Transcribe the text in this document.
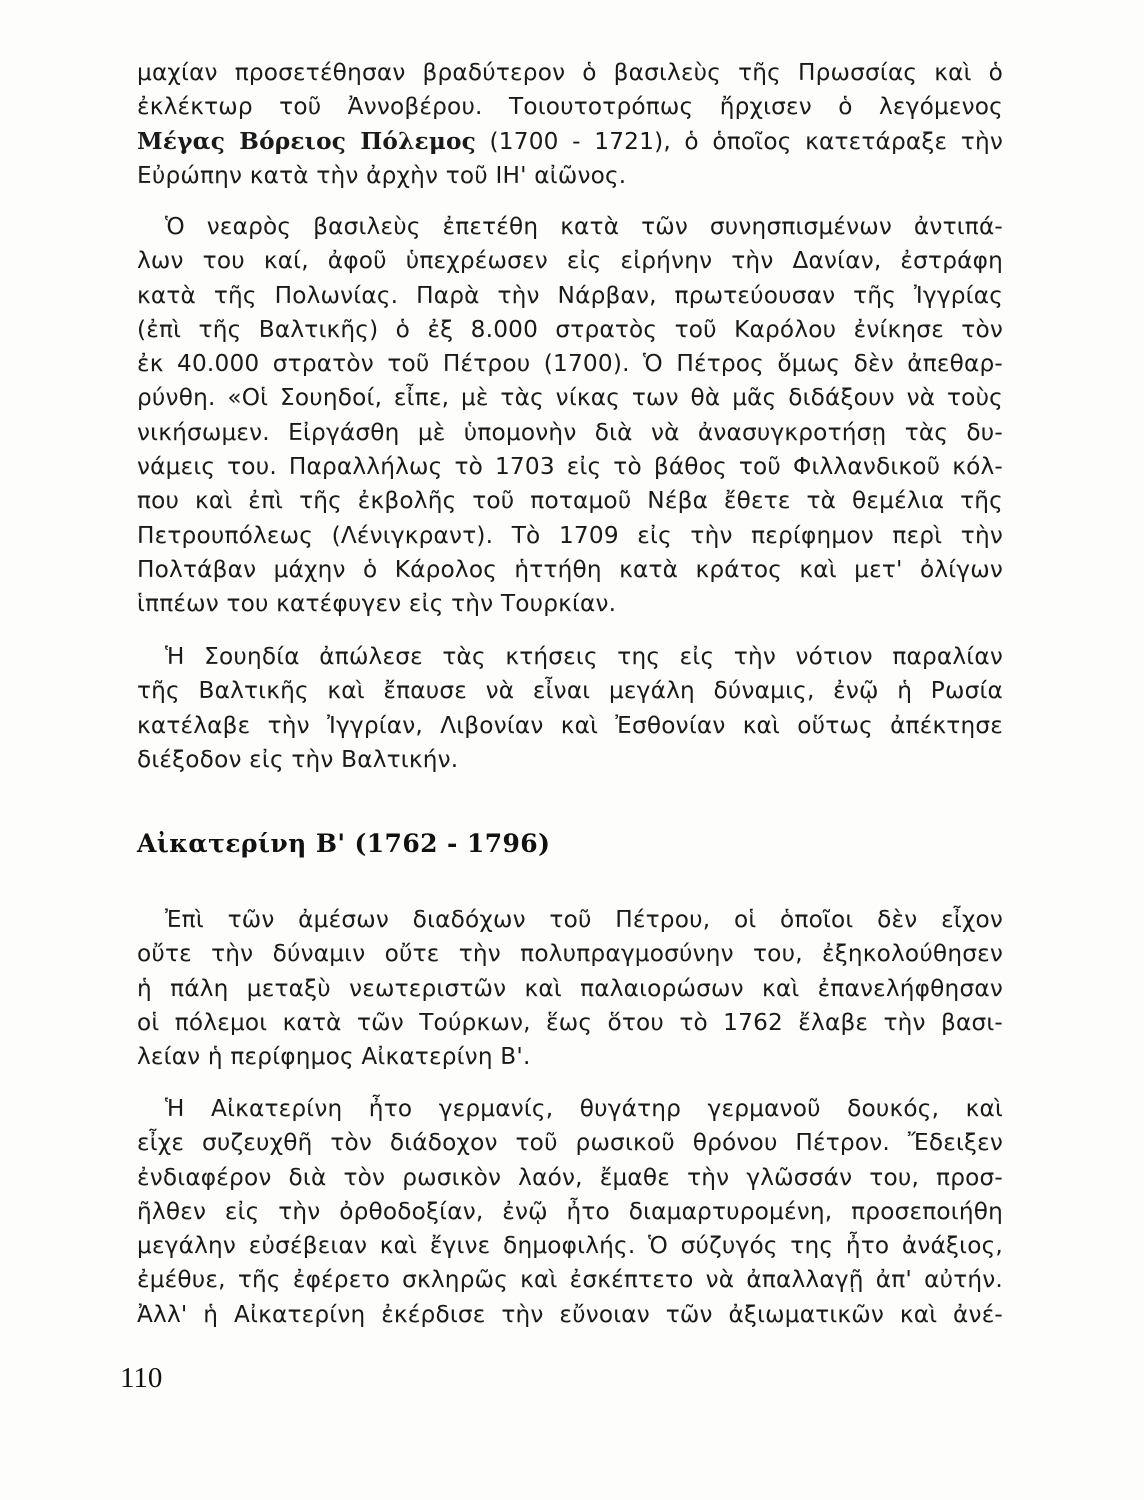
μαχίαν προσετέθησαν βραδύτερον ὁ βασιλεὺς τῆς Πρωσσίας καὶ ὁ

ἐκλέκτωρ τοῦ Ἀννοβέρου. Τοιουτοτρόπως ἤρχισεν ὁ λεγόμενος

Μέγας Βόρειος Πόλεμος (1700 - 1721), ὁ ὁποῖος κατετάραξε τὴν

Εὐρώπην κατὰ τὴν ἀρχὴν τοῦ ΙΗ' αἰῶνος.

Ὁ νεαρὸς βασιλεὺς ἐπετέθη κατὰ τῶν συνησπισμένων ἀντιπά-

λων του καί, ἀφοῦ ὑπεχρέωσεν εἰς εἰρήνην τὴν Δανίαν, ἐστράφη

κατὰ τῆς Πολωνίας. Παρὰ τὴν Νάρβαν, πρωτεύουσαν τῆς Ἰγγρίας

(ἐπὶ τῆς Βαλτικῆς) ὁ ἐξ 8.000 στρατὸς τοῦ Καρόλου ἐνίκησε τὸν

ἐκ 40.000 στρατὸν τοῦ Πέτρου (1700). Ὁ Πέτρος ὅμως δὲν ἀπεθαρ-

ρύνθη. «Οἱ Σουηδοί, εἶπε, μὲ τὰς νίκας των θὰ μᾶς διδάξουν νὰ τοὺς

νικήσωμεν. Εἰργάσθη μὲ ὑπομονὴν διὰ νὰ ἀνασυγκροτήσῃ τὰς δυ-

νάμεις του. Παραλλήλως τὸ 1703 εἰς τὸ βάθος τοῦ Φιλλανδικοῦ κόλ-

που καὶ ἐπὶ τῆς ἐκβολῆς τοῦ ποταμοῦ Νέβα ἔθετε τὰ θεμέλια τῆς

Πετρουπόλεως (Λένιγκραντ). Τὸ 1709 εἰς τὴν περίφημον περὶ τὴν

Πολτάβαν μάχην ὁ Κάρολος ἡττήθη κατὰ κράτος καὶ μετ' ὀλίγων

ἱππέων του κατέφυγεν εἰς τὴν Τουρκίαν.

Ἡ Σουηδία ἀπώλεσε τὰς κτήσεις της εἰς τὴν νότιον παραλίαν

τῆς Βαλτικῆς καὶ ἔπαυσε νὰ εἶναι μεγάλη δύναμις, ἐνῷ ἡ Ρωσία

κατέλαβε τὴν Ἰγγρίαν, Λιβονίαν καὶ Ἐσθονίαν καὶ οὕτως ἀπέκτησε

διέξοδον εἰς τὴν Βαλτικήν.

Αἰκατερίνη Β' (1762 - 1796)

Ἐπὶ τῶν ἀμέσων διαδόχων τοῦ Πέτρου, οἱ ὁποῖοι δὲν εἶχον

οὔτε τὴν δύναμιν οὔτε τὴν πολυπραγμοσύνην του, ἐξηκολούθησεν

ἡ πάλη μεταξὺ νεωτεριστῶν καὶ παλαιορώσων καὶ ἐπανελήφθησαν

οἱ πόλεμοι κατὰ τῶν Τούρκων, ἕως ὅτου τὸ 1762 ἔλαβε τὴν βασι-

λείαν ἡ περίφημος Αἰκατερίνη Β'.

Ἡ Αἰκατερίνη ἦτο γερμανίς, θυγάτηρ γερμανοῦ δουκός, καὶ

εἶχε συζευχθῆ τὸν διάδοχον τοῦ ρωσικοῦ θρόνου Πέτρον. Ἔδειξεν

ἐνδιαφέρον διὰ τὸν ρωσικὸν λαόν, ἔμαθε τὴν γλῶσσάν του, προσ-

ῆλθεν εἰς τὴν ὀρθοδοξίαν, ἐνῷ ἦτο διαμαρτυρομένη, προσεποιήθη

μεγάλην εὐσέβειαν καὶ ἔγινε δημοφιλής. Ὁ σύζυγός της ἦτο ἀνάξιος,

ἐμέθυε, τῆς ἐφέρετο σκληρῶς καὶ ἐσκέπτετο νὰ ἀπαλλαγῇ ἀπ' αὐτήν.

Ἀλλ' ἡ Αἰκατερίνη ἐκέρδισε τὴν εὔνοιαν τῶν ἀξιωματικῶν καὶ ἀνέ-

110
